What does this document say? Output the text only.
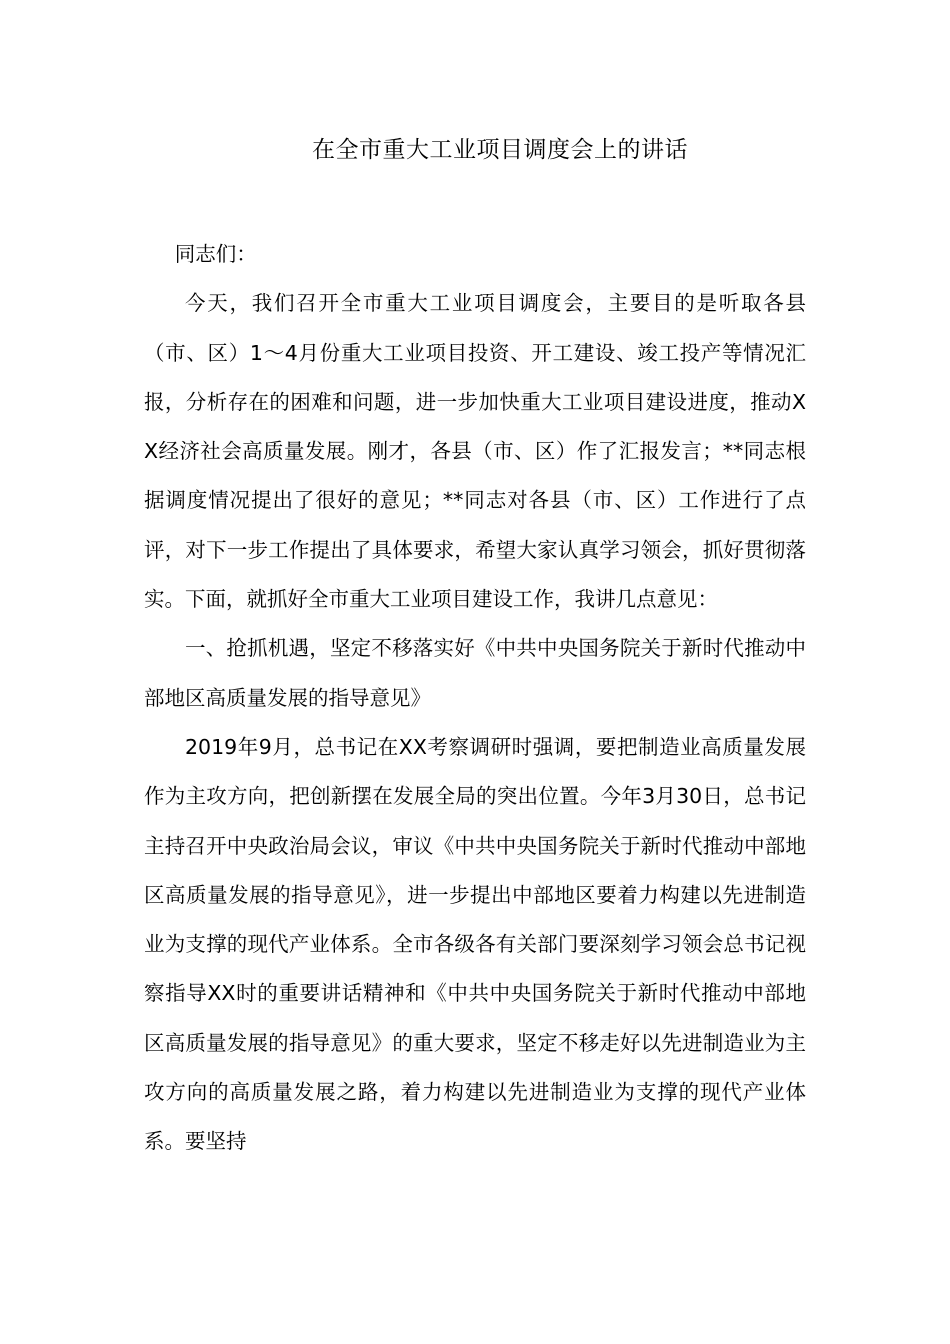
在全市重大工业项目调度会上的讲话

同志们：

今天，我们召开全市重大工业项目调度会，主要目的是听取各县（市、区）1～4月份重大工业项目投资、开工建设、竣工投产等情况汇报，分析存在的困难和问题，进一步加快重大工业项目建设进度，推动XX经济社会高质量发展。刚才，各县（市、区）作了汇报发言；**同志根据调度情况提出了很好的意见；**同志对各县（市、区）工作进行了点评，对下一步工作提出了具体要求，希望大家认真学习领会，抓好贯彻落实。下面，就抓好全市重大工业项目建设工作，我讲几点意见：

一、抢抓机遇，坚定不移落实好《中共中央国务院关于新时代推动中部地区高质量发展的指导意见》

2019年9月，总书记在XX考察调研时强调，要把制造业高质量发展作为主攻方向，把创新摆在发展全局的突出位置。今年3月30日，总书记主持召开中央政治局会议，审议《中共中央国务院关于新时代推动中部地区高质量发展的指导意见》，进一步提出中部地区要着力构建以先进制造业为支撑的现代产业体系。全市各级各有关部门要深刻学习领会总书记视察指导XX时的重要讲话精神和《中共中央国务院关于新时代推动中部地区高质量发展的指导意见》的重大要求，坚定不移走好以先进制造业为主攻方向的高质量发展之路，着力构建以先进制造业为支撑的现代产业体系。要坚持
